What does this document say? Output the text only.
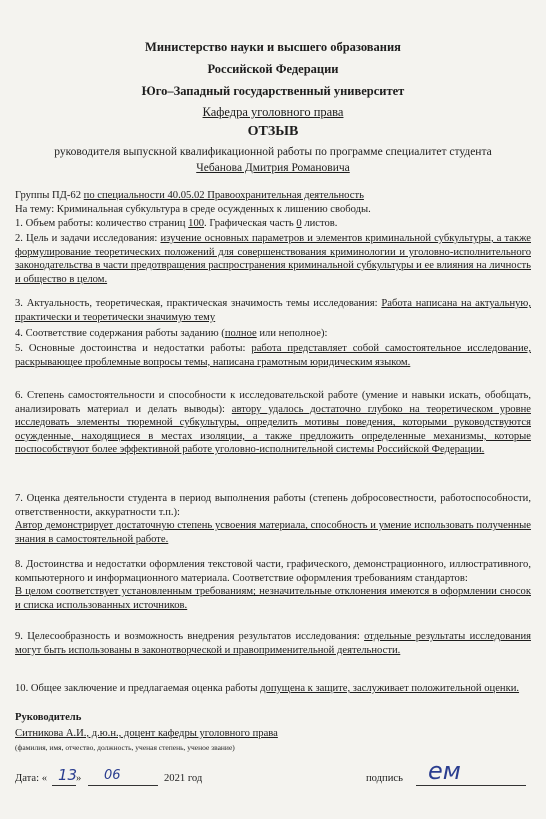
Министерство науки и высшего образования
Российской Федерации
Юго–Западный государственный университет
Кафедра уголовного права
ОТЗЫВ
руководителя выпускной квалификационной работы по программе специалитет студента
Чебанова Дмитрия Романовича
Группы ПД-62 по специальности 40.05.02 Правоохранительная деятельность
На тему: Криминальная субкультура в среде осужденных к лишению свободы.
1. Объем работы: количество страниц 100. Графическая часть 0 листов.
2. Цель и задачи исследования: изучение основных параметров и элементов криминальной субкультуры, а также формулирование теоретических положений для совершенствования криминологии и уголовно-исполнительного законодательства в части предотвращения распространения криминальной субкультуры и ее влияния на личность и общество в целом.
3. Актуальность, теоретическая, практическая значимость темы исследования: Работа написана на актуальную, практически и теоретически значимую тему
4. Соответствие содержания работы заданию (полное или неполное):
5. Основные достоинства и недостатки работы: работа представляет собой самостоятельное исследование, раскрывающее проблемные вопросы темы, написана грамотным юридическим языком.
6. Степень самостоятельности и способности к исследовательской работе (умение и навыки искать, обобщать, анализировать материал и делать выводы): автору удалось достаточно глубоко на теоретическом уровне исследовать элементы тюремной субкультуры, определить мотивы поведения, которыми руководствуются осужденные, находящиеся в местах изоляции, а также предложить определенные механизмы, которые поспособствуют более эффективной работе уголовно-исполнительной системы Российской Федерации.
7. Оценка деятельности студента в период выполнения работы (степень добросовестности, работоспособности, ответственности, аккуратности т.п.):
Автор демонстрирует достаточную степень усвоения материала, способность и умение использовать полученные знания в самостоятельной работе.
8. Достоинства и недостатки оформления текстовой части, графического, демонстрационного, иллюстративного, компьютерного и информационного материала. Соответствие оформления требованиям стандартов:
В целом соответствует установленным требованиям; незначительные отклонения имеются в оформлении сносок и списка использованных источников.
9. Целесообразность и возможность внедрения результатов исследования: отдельные результаты исследования могут быть использованы в законотворческой и правоприменительной деятельности.
10. Общее заключение и предлагаемая оценка работы допущена к защите, заслуживает положительной оценки.
Руководитель
Ситникова А.И., д.ю.н., доцент кафедры уголовного права
(фамилия, имя, отчество, должность, ученая степень, ученое звание)
Дата: « 13
»	06	2021 год	подпись	ем
